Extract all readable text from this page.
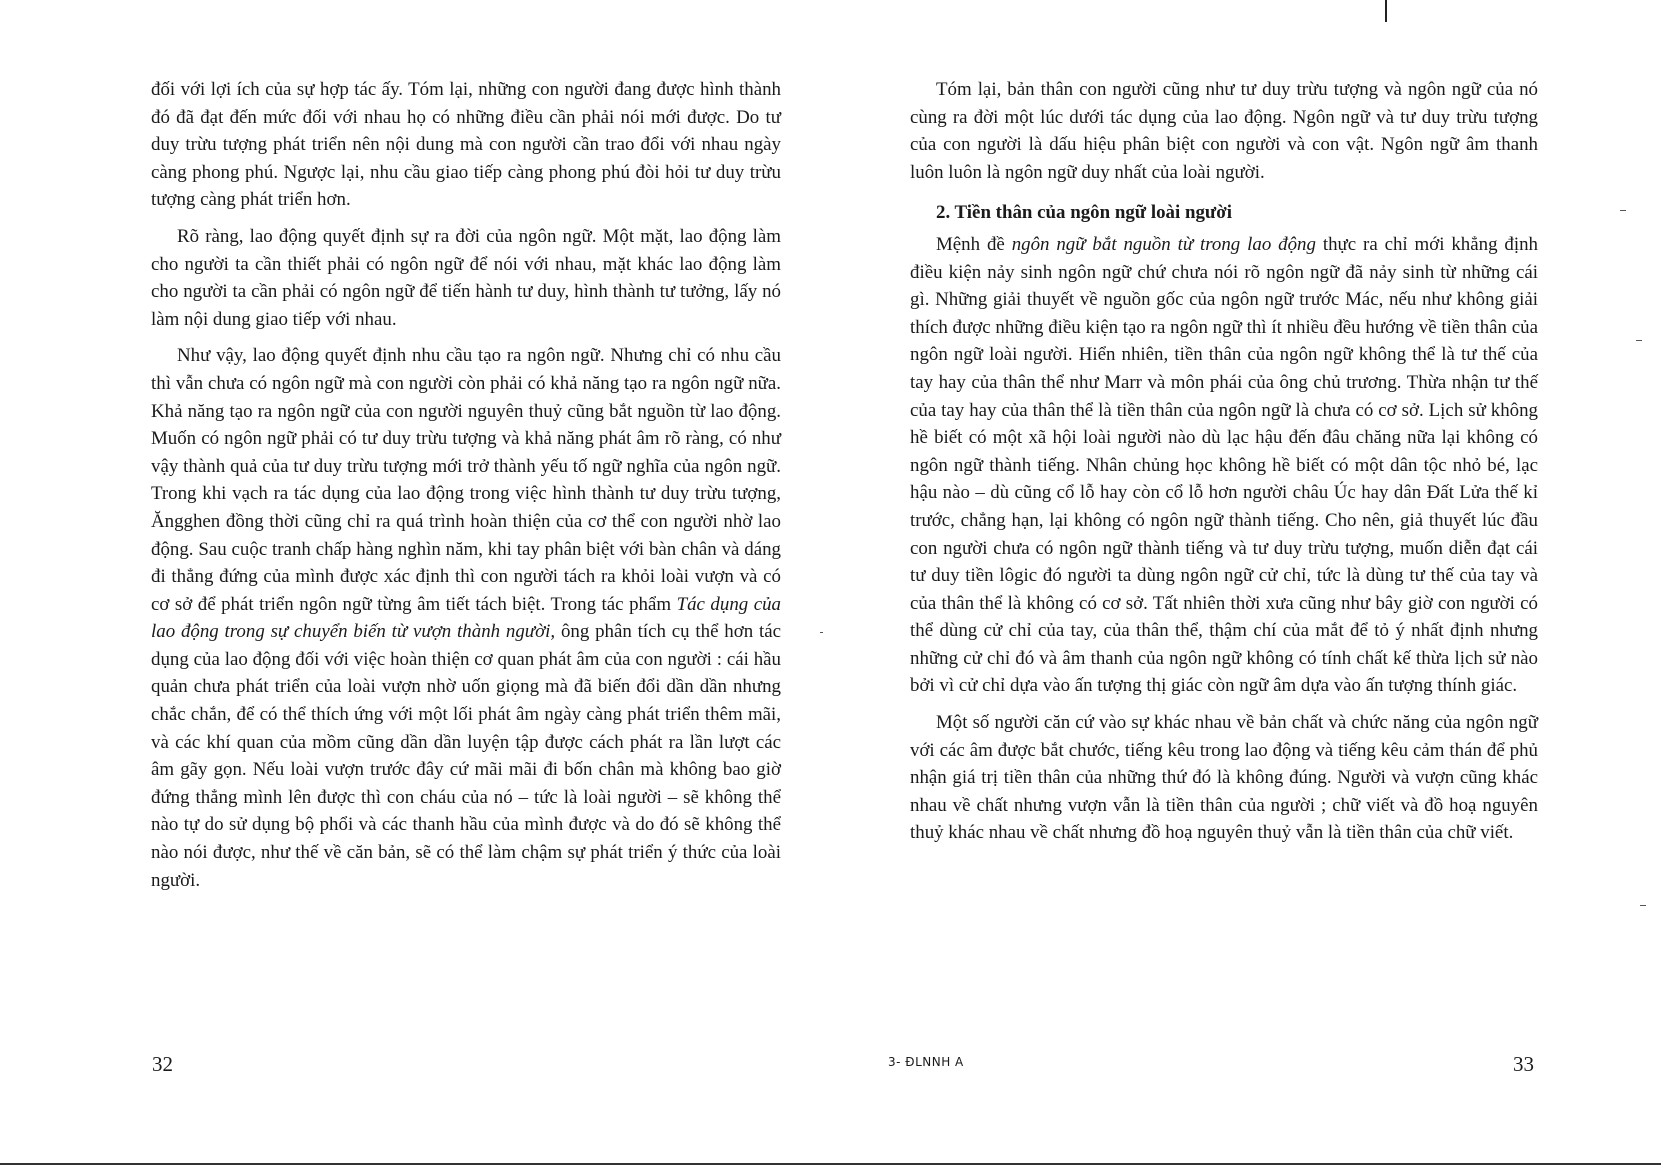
đối với lợi ích của sự hợp tác ấy. Tóm lại, những con người đang được hình thành đó đã đạt đến mức đối với nhau họ có những điều cần phải nói mới được. Do tư duy trừu tượng phát triển nên nội dung mà con người cần trao đổi với nhau ngày càng phong phú. Ngược lại, nhu cầu giao tiếp càng phong phú đòi hỏi tư duy trừu tượng càng phát triển hơn.

Rõ ràng, lao động quyết định sự ra đời của ngôn ngữ. Một mặt, lao động làm cho người ta cần thiết phải có ngôn ngữ để nói với nhau, mặt khác lao động làm cho người ta cần phải có ngôn ngữ để tiến hành tư duy, hình thành tư tưởng, lấy nó làm nội dung giao tiếp với nhau.

Như vậy, lao động quyết định nhu cầu tạo ra ngôn ngữ. Nhưng chỉ có nhu cầu thì vẫn chưa có ngôn ngữ mà con người còn phải có khả năng tạo ra ngôn ngữ nữa. Khả năng tạo ra ngôn ngữ của con người nguyên thuỷ cũng bắt nguồn từ lao động. Muốn có ngôn ngữ phải có tư duy trừu tượng và khả năng phát âm rõ ràng, có như vậy thành quả của tư duy trừu tượng mới trở thành yếu tố ngữ nghĩa của ngôn ngữ. Trong khi vạch ra tác dụng của lao động trong việc hình thành tư duy trừu tượng, Ăngghen đồng thời cũng chỉ ra quá trình hoàn thiện của cơ thể con người nhờ lao động. Sau cuộc tranh chấp hàng nghìn năm, khi tay phân biệt với bàn chân và dáng đi thẳng đứng của mình được xác định thì con người tách ra khỏi loài vượn và có cơ sở để phát triển ngôn ngữ từng âm tiết tách biệt. Trong tác phẩm Tác dụng của lao động trong sự chuyển biến từ vượn thành người, ông phân tích cụ thể hơn tác dụng của lao động đối với việc hoàn thiện cơ quan phát âm của con người : cái hầu quản chưa phát triển của loài vượn nhờ uốn giọng mà đã biến đổi dần dần nhưng chắc chắn, để có thể thích ứng với một lối phát âm ngày càng phát triển thêm mãi, và các khí quan của mồm cũng dần dần luyện tập được cách phát ra lần lượt các âm gãy gọn. Nếu loài vượn trước đây cứ mãi mãi đi bốn chân mà không bao giờ đứng thẳng mình lên được thì con cháu của nó – tức là loài người – sẽ không thể nào tự do sử dụng bộ phổi và các thanh hầu của mình được và do đó sẽ không thể nào nói được, như thế về căn bản, sẽ có thể làm chậm sự phát triển ý thức của loài người.

32

Tóm lại, bản thân con người cũng như tư duy trừu tượng và ngôn ngữ của nó cùng ra đời một lúc dưới tác dụng của lao động. Ngôn ngữ và tư duy trừu tượng của con người là dấu hiệu phân biệt con người và con vật. Ngôn ngữ âm thanh luôn luôn là ngôn ngữ duy nhất của loài người.

2. Tiền thân của ngôn ngữ loài người

Mệnh đề ngôn ngữ bắt nguồn từ trong lao động thực ra chỉ mới khẳng định điều kiện nảy sinh ngôn ngữ chứ chưa nói rõ ngôn ngữ đã nảy sinh từ những cái gì. Những giải thuyết về nguồn gốc của ngôn ngữ trước Mác, nếu như không giải thích được những điều kiện tạo ra ngôn ngữ thì ít nhiều đều hướng về tiền thân của ngôn ngữ loài người. Hiển nhiên, tiền thân của ngôn ngữ không thể là tư thế của tay hay của thân thể như Marr và môn phái của ông chủ trương. Thừa nhận tư thế của tay hay của thân thể là tiền thân của ngôn ngữ là chưa có cơ sở. Lịch sử không hề biết có một xã hội loài người nào dù lạc hậu đến đâu chăng nữa lại không có ngôn ngữ thành tiếng. Nhân chủng học không hề biết có một dân tộc nhỏ bé, lạc hậu nào – dù cũng cổ lỗ hay còn cổ lỗ hơn người châu Úc hay dân Đất Lửa thế kỉ trước, chẳng hạn, lại không có ngôn ngữ thành tiếng. Cho nên, giả thuyết lúc đầu con người chưa có ngôn ngữ thành tiếng và tư duy trừu tượng, muốn diễn đạt cái tư duy tiền lôgic đó người ta dùng ngôn ngữ cử chỉ, tức là dùng tư thế của tay và của thân thể là không có cơ sở. Tất nhiên thời xưa cũng như bây giờ con người có thể dùng cử chỉ của tay, của thân thể, thậm chí của mắt để tỏ ý nhất định nhưng những cử chỉ đó và âm thanh của ngôn ngữ không có tính chất kế thừa lịch sử nào bởi vì cử chỉ dựa vào ấn tượng thị giác còn ngữ âm dựa vào ấn tượng thính giác.

Một số người căn cứ vào sự khác nhau về bản chất và chức năng của ngôn ngữ với các âm được bắt chước, tiếng kêu trong lao động và tiếng kêu cảm thán để phủ nhận giá trị tiền thân của những thứ đó là không đúng. Người và vượn cũng khác nhau về chất nhưng vượn vẫn là tiền thân của người ; chữ viết và đồ hoạ nguyên thuỷ khác nhau về chất nhưng đồ hoạ nguyên thuỷ vẫn là tiền thân của chữ viết.

3- ĐLNNH A	33
